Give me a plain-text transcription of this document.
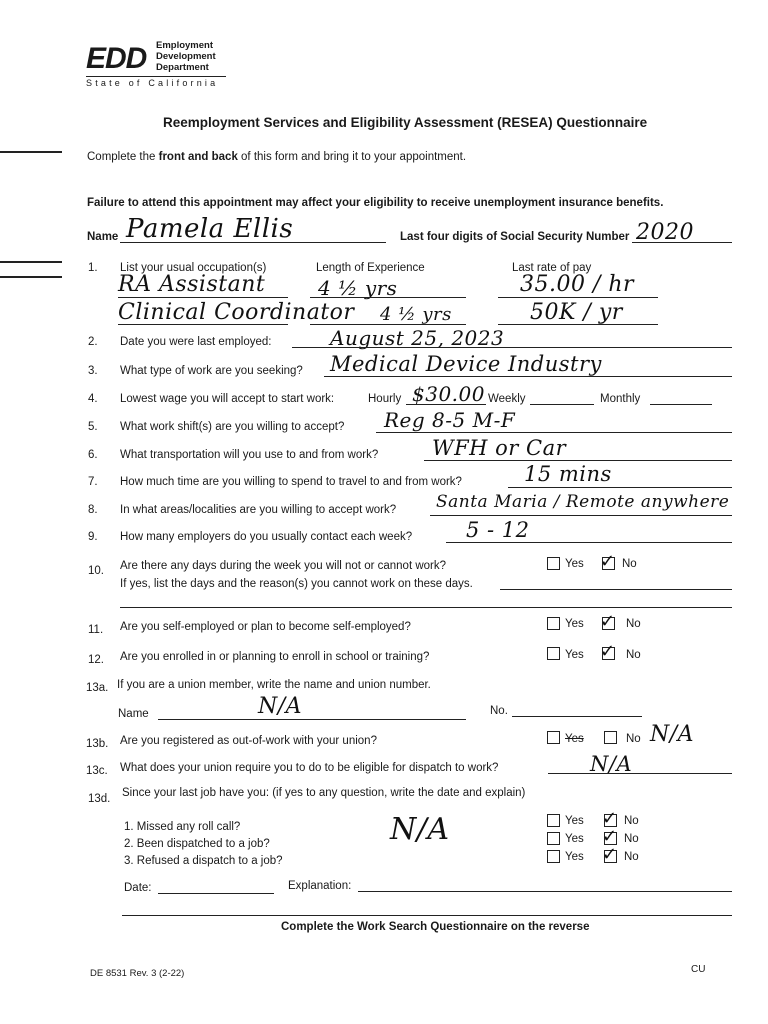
EDD Employment
Development
Department
State of California
Reemployment Services and Eligibility Assessment (RESEA) Questionnaire
Complete the front and back of this form and bring it to your appointment.
Failure to attend this appointment may affect your eligibility to receive unemployment insurance benefits.
Name Pamela Ellis	Last four digits of Social Security Number 2020
1. List your usual occupation(s)	Length of Experience	Last rate of pay
RA Assistant	4 ½ yrs	35.00 / hr
Clinical Coordinator 4 ½ yrs	50K / yr
2. Date you were last employed:	August 25, 2023
3. What type of work are you seeking? Medical Device Industry
4. Lowest wage you will accept to start work:	Hourly $30.00 Weekly	Monthly
5. What work shift(s) are you willing to accept? Reg 8-5 M-F
6. What transportation will you use to and from work?	WFH or Car
7. How much time are you willing to spend to travel to and from work?	15 mins
8. In what areas/localities are you willing to accept work? Santa Maria / Remote anywhere
9. How many employers do you usually contact each week?	5 - 12
10. Are there any days during the week you will not or cannot work?
If yes, list the days and the reason(s) you cannot work on these days.
Yes ✓ No
11. Are you self-employed or plan to become self-employed?	Yes ✓ No
12. Are you enrolled in or planning to enroll in school or training?	Yes ✓ No
13a. If you are a union member, write the name and union number.
Name	N/A	No.
13b. Are you registered as out-of-work with your union?	Yes	No N/A
13c. What does your union require you to do to be eligible for dispatch to work?	N/A
13d. Since your last job have you: (if yes to any question, write the date and explain)
1. Missed any roll call?
2. Been dispatched to a job?
3. Refused a dispatch to a job?
N/A	Yes ✓ No
Yes ✓ No
Yes ✓ No
Date:	Explanation:
Complete the Work Search Questionnaire on the reverse
DE 8531 Rev. 3 (2-22)	CU
